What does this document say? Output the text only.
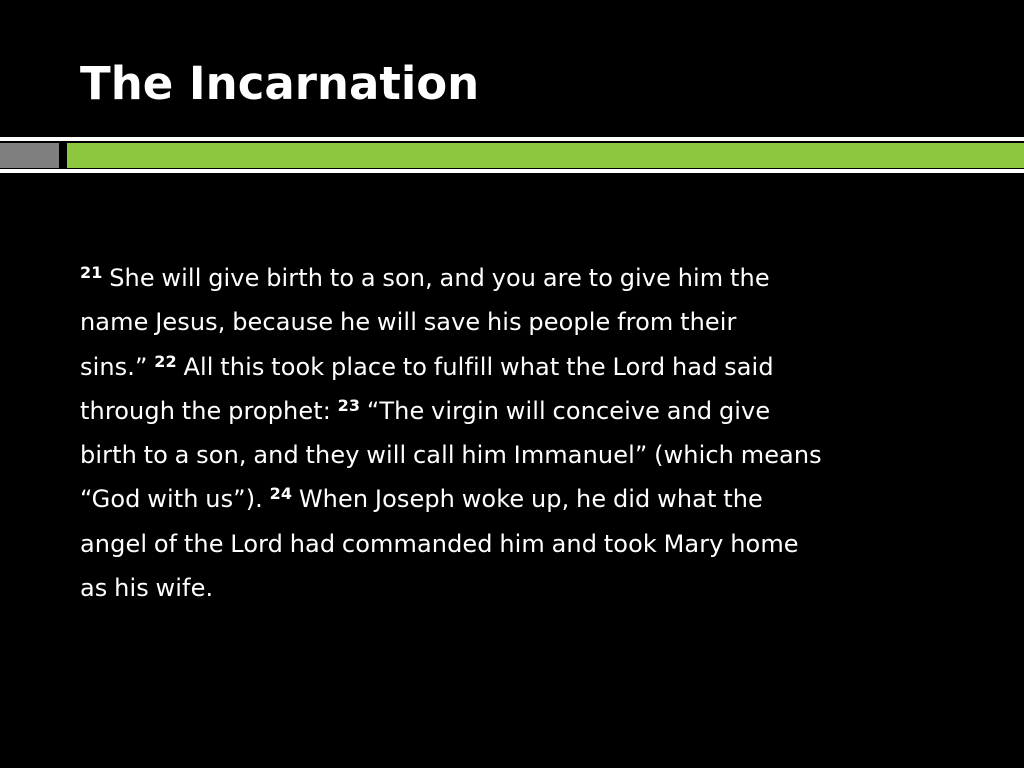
The Incarnation

$^{21}$ She will give birth to a son, and you are to give him the
name Jesus, because he will save his people from their
sins.” $^{22}$ All this took place to fulfill what the Lord had said
through the prophet: $^{23}$ “The virgin will conceive and give
birth to a son, and they will call him Immanuel” (which means
“God with us”). $^{24}$ When Joseph woke up, he did what the
angel of the Lord had commanded him and took Mary home
as his wife.
